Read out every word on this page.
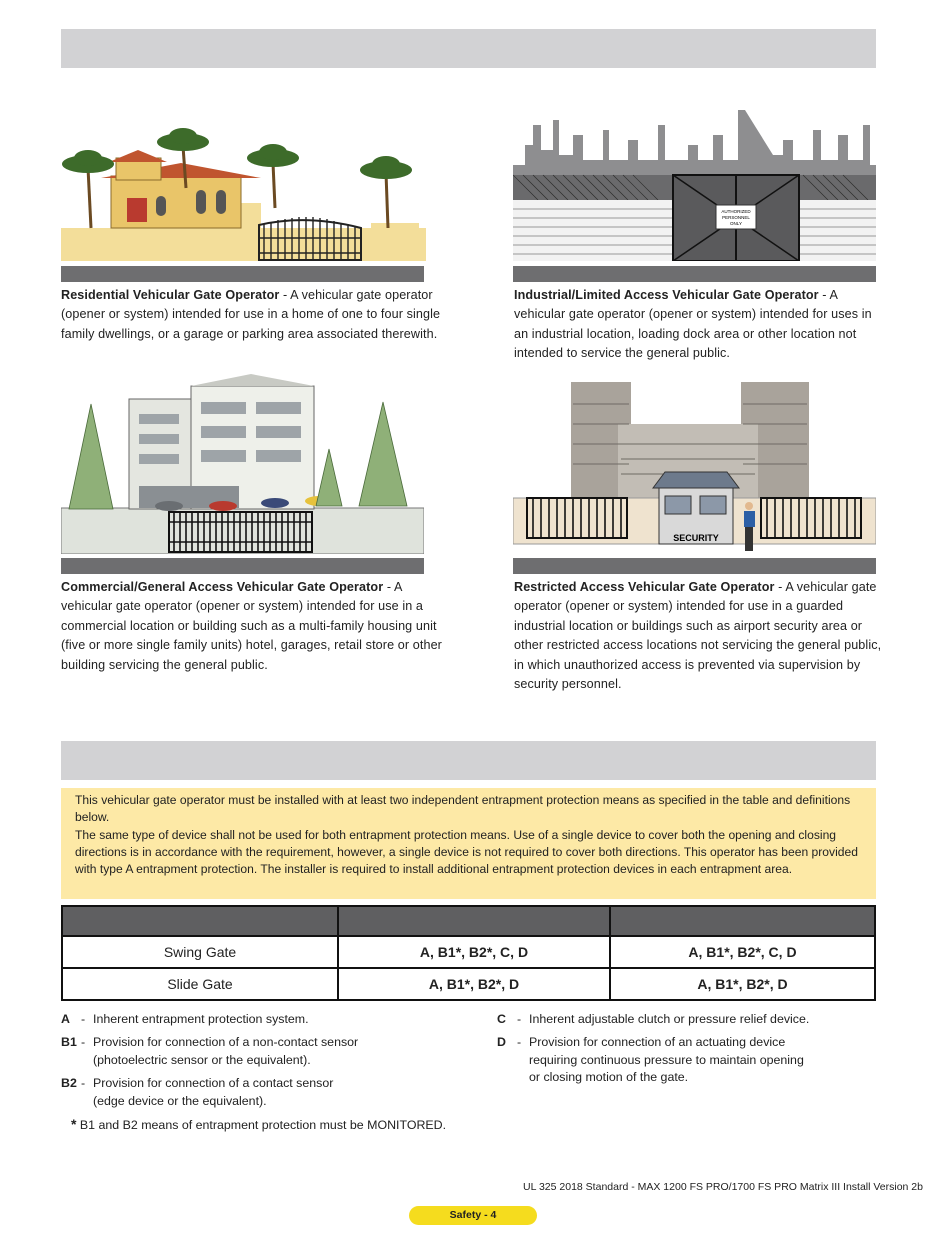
AUTHORIZED
PERSONNEL
ONLY
Residential Vehicular Gate Operator - A vehicular gate operator (opener or system) intended for use in a home of one to four single family dwellings, or a garage or parking area associated therewith.
Industrial/Limited Access Vehicular Gate Operator - A vehicular gate operator (opener or system) intended for uses in an industrial location, loading dock area or other location not intended to service the general public.
SECURITY
Commercial/General Access Vehicular Gate Operator - A vehicular gate operator (opener or system) intended for use in a commercial location or building such as a multi-family housing unit (five or more single family units) hotel, garages, retail store or other building servicing the general public.
Restricted Access Vehicular Gate Operator - A vehicular gate operator (opener or system) intended for use in a guarded industrial location or buildings such as airport security area or other restricted access locations not servicing the general public, in which unauthorized access is prevented via supervision by security personnel.

This vehicular gate operator must be installed with at least two independent entrapment protection means as specified in the table and definitions below.

The same type of device shall not be used for both entrapment protection means. Use of a single device to cover both the opening and closing directions is in accordance with the requirement, however, a single device is not required to cover both directions. This operator has been provided with type A entrapment protection. The installer is required to install additional entrapment protection devices in each entrapment area.

Swing Gate	A, B1*, B2*, C, D	A, B1*, B2*, C, D
Slide Gate	A, B1*, B2*, D	A, B1*, B2*, D
A - Inherent entrapment protection system.
B1 - Provision for connection of a non-contact sensor
(photoelectric sensor or the equivalent).
B2 - Provision for connection of a contact sensor
(edge device or the equivalent).
* B1 and B2 means of entrapment protection must be MONITORED.
C - Inherent adjustable clutch or pressure relief device.
D - Provision for connection of an actuating device
requiring continuous pressure to maintain opening
or closing motion of the gate.
UL 325 2018 Standard - MAX 1200 FS PRO/1700 FS PRO Matrix III Install Version 2b
Safety - 4
